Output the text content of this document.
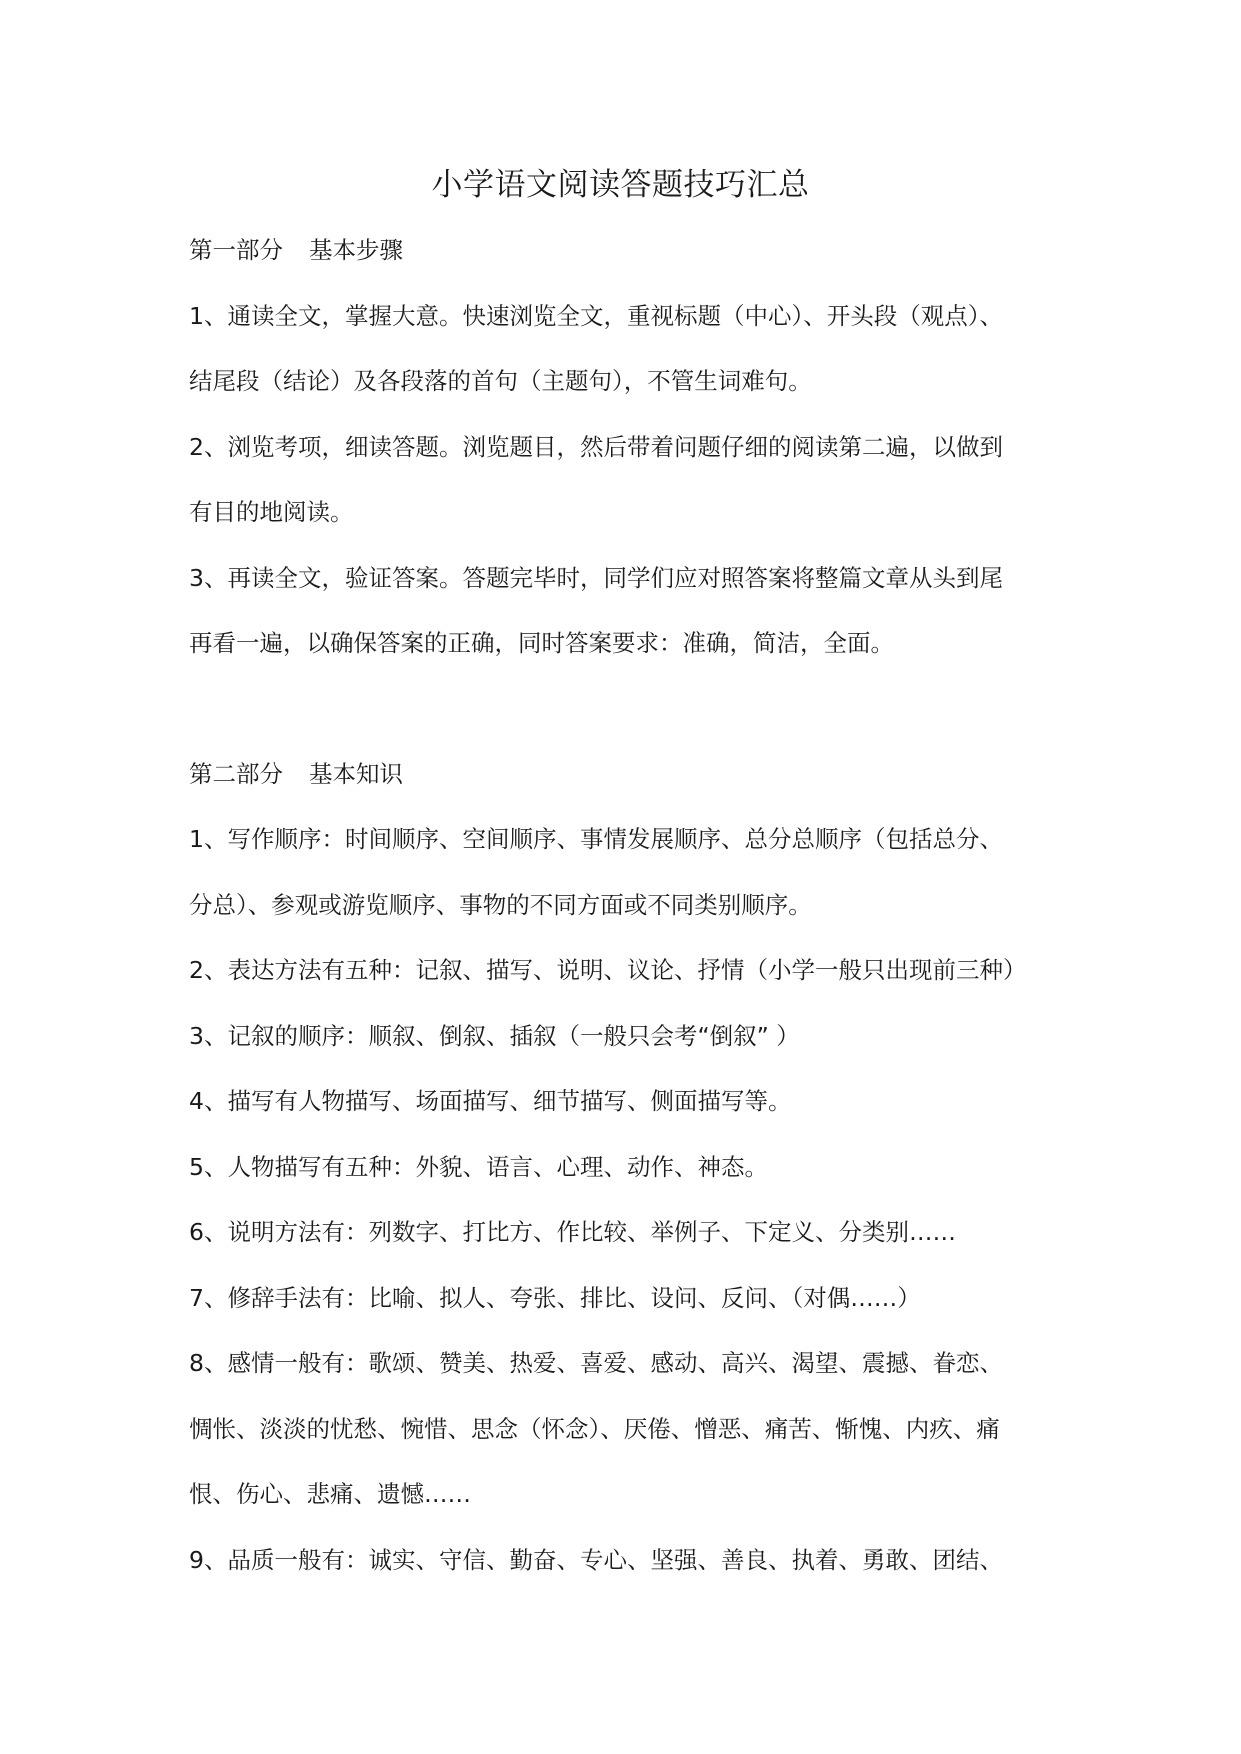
小学语文阅读答题技巧汇总
第一部分 基本步骤

1、通读全文，掌握大意。快速浏览全文，重视标题（中心）、开头段（观点）、

结尾段（结论）及各段落的首句（主题句），不管生词难句。

2、浏览考项，细读答题。浏览题目，然后带着问题仔细的阅读第二遍，以做到

有目的地阅读。

3、再读全文，验证答案。答题完毕时，同学们应对照答案将整篇文章从头到尾

再看一遍，以确保答案的正确，同时答案要求：准确，简洁，全面。

第二部分 基本知识

1、写作顺序：时间顺序、空间顺序、事情发展顺序、总分总顺序（包括总分、

分总）、参观或游览顺序、事物的不同方面或不同类别顺序。

2、表达方法有五种：记叙、描写、说明、议论、抒情（小学一般只出现前三种）

3、记叙的顺序：顺叙、倒叙、插叙（一般只会考“倒叙” ）

4、描写有人物描写、场面描写、细节描写、侧面描写等。

5、人物描写有五种：外貌、语言、心理、动作、神态。

6、说明方法有：列数字、打比方、作比较、举例子、下定义、分类别……

7、修辞手法有：比喻、拟人、夸张、排比、设问、反问、（对偶……）

8、感情一般有：歌颂、赞美、热爱、喜爱、感动、高兴、渴望、震撼、眷恋、

惆怅、淡淡的忧愁、惋惜、思念（怀念）、厌倦、憎恶、痛苦、惭愧、内疚、痛

恨、伤心、悲痛、遗憾……

9、品质一般有：诚实、守信、勤奋、专心、坚强、善良、执着、勇敢、团结、
